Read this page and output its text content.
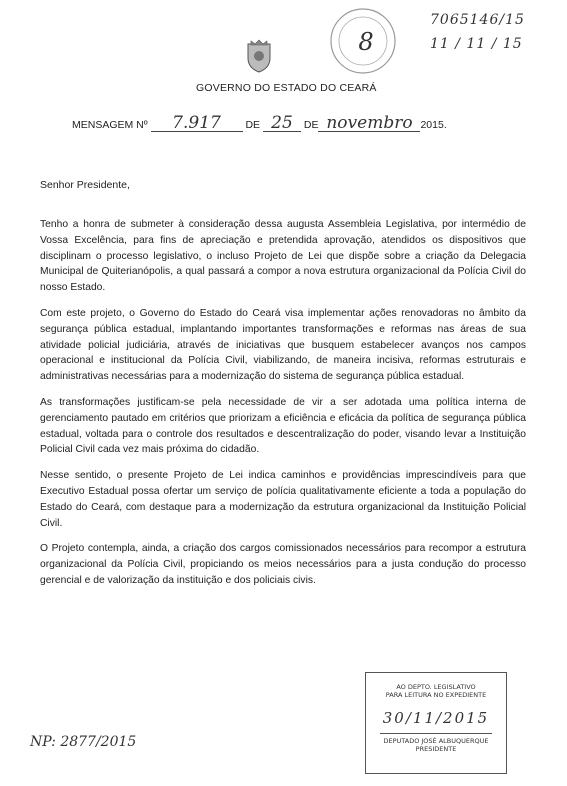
7065146/15
11 / 11 / 15
8
GOVERNO DO ESTADO DO CEARÁ
MENSAGEM Nº 7.917 DE 25 DE novembro 2015.
Senhor Presidente,

Tenho a honra de submeter à consideração dessa augusta Assembleia Legislativa, por intermédio de Vossa Excelência, para fins de apreciação e pretendida aprovação, atendidos os dispositivos que disciplinam o processo legislativo, o incluso Projeto de Lei que dispõe sobre a criação da Delegacia Municipal de Quiterianópolis, a qual passará a compor a nova estrutura organizacional da Polícia Civil do nosso Estado.

Com este projeto, o Governo do Estado do Ceará visa implementar ações renovadoras no âmbito da segurança pública estadual, implantando importantes transformações e reformas nas áreas de sua atividade policial judiciária, através de iniciativas que busquem estabelecer avanços nos campos operacional e institucional da Polícia Civil, viabilizando, de maneira incisiva, reformas estruturais e administrativas necessárias para a modernização do sistema de segurança pública estadual.

As transformações justificam-se pela necessidade de vir a ser adotada uma política interna de gerenciamento pautado em critérios que priorizam a eficiência e eficácia da política de segurança pública estadual, voltada para o controle dos resultados e descentralização do poder, visando levar a Instituição Policial Civil cada vez mais próxima do cidadão.

Nesse sentido, o presente Projeto de Lei indica caminhos e providências imprescindíveis para que Executivo Estadual possa ofertar um serviço de polícia qualitativamente eficiente a toda a população do Estado do Ceará, com destaque para a modernização da estrutura organizacional da Instituição Policial Civil.

O Projeto contempla, ainda, a criação dos cargos comissionados necessários para recompor a estrutura organizacional da Polícia Civil, propiciando os meios necessários para a justa condução do processo gerencial e de valorização da instituição e dos policiais civis.

AO DEPTO. LEGISLATIVO
PARA LEITURA NO EXPEDIENTE
30/11/2015
DEPUTADO JOSÉ ALBUQUERQUE
PRESIDENTE
NP: 2877/2015
